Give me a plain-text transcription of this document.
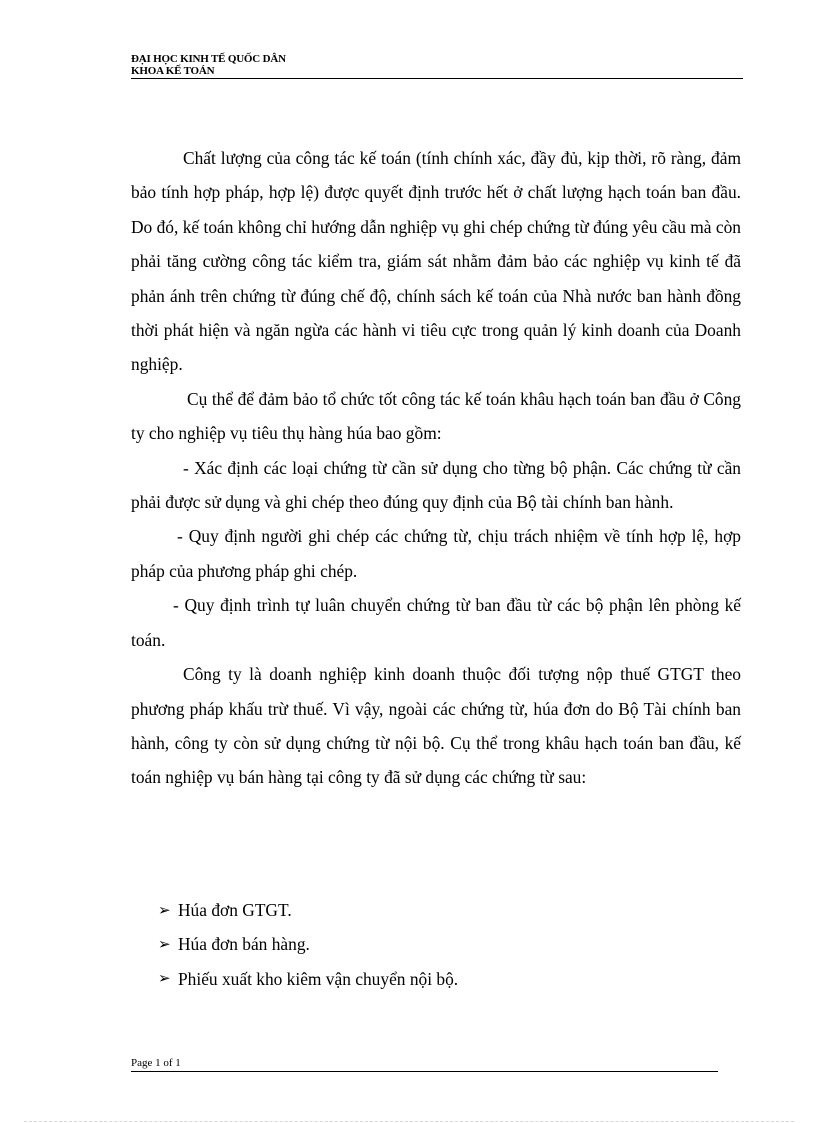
ĐẠI HỌC KINH TẾ QUỐC DÂN
KHOA KẾ TOÁN

Chất lượng của công tác kế toán (tính chính xác, đầy đủ, kịp thời, rõ ràng, đảm bảo tính hợp pháp, hợp lệ) được quyết định trước hết ở chất lượng hạch toán ban đầu. Do đó, kế toán không chỉ hướng dẫn nghiệp vụ ghi chép chứng từ đúng yêu cầu mà còn phải tăng cường công tác kiểm tra, giám sát nhằm đảm bảo các nghiệp vụ kinh tế đã phản ánh trên chứng từ đúng chế độ, chính sách kế toán của Nhà nước ban hành đồng thời phát hiện và ngăn ngừa các hành vi tiêu cực trong quản lý kinh doanh của Doanh nghiệp.

Cụ thể để đảm bảo tổ chức tốt công tác kế toán khâu hạch toán ban đầu ở Công ty cho nghiệp vụ tiêu thụ hàng húa bao gồm:

- Xác định các loại chứng từ cần sử dụng cho từng bộ phận. Các chứng từ cần phải được sử dụng và ghi chép theo đúng quy định của Bộ tài chính ban hành.

- Quy định người ghi chép các chứng từ, chịu trách nhiệm về tính hợp lệ, hợp pháp của phương pháp ghi chép.

- Quy định trình tự luân chuyển chứng từ ban đầu từ các bộ phận lên phòng kế toán.

Công ty là doanh nghiệp kinh doanh thuộc đối tượng nộp thuế GTGT theo phương pháp khấu trừ thuế. Vì vậy, ngoài các chứng từ, húa đơn do Bộ Tài chính ban hành, công ty còn sử dụng chứng từ nội bộ. Cụ thể trong khâu hạch toán ban đầu, kế toán nghiệp vụ bán hàng tại công ty đã sử dụng các chứng từ sau:

➢ Húa đơn GTGT.
➢ Húa đơn bán hàng.
➢ Phiếu xuất kho kiêm vận chuyển nội bộ.
Page 1 of 1
